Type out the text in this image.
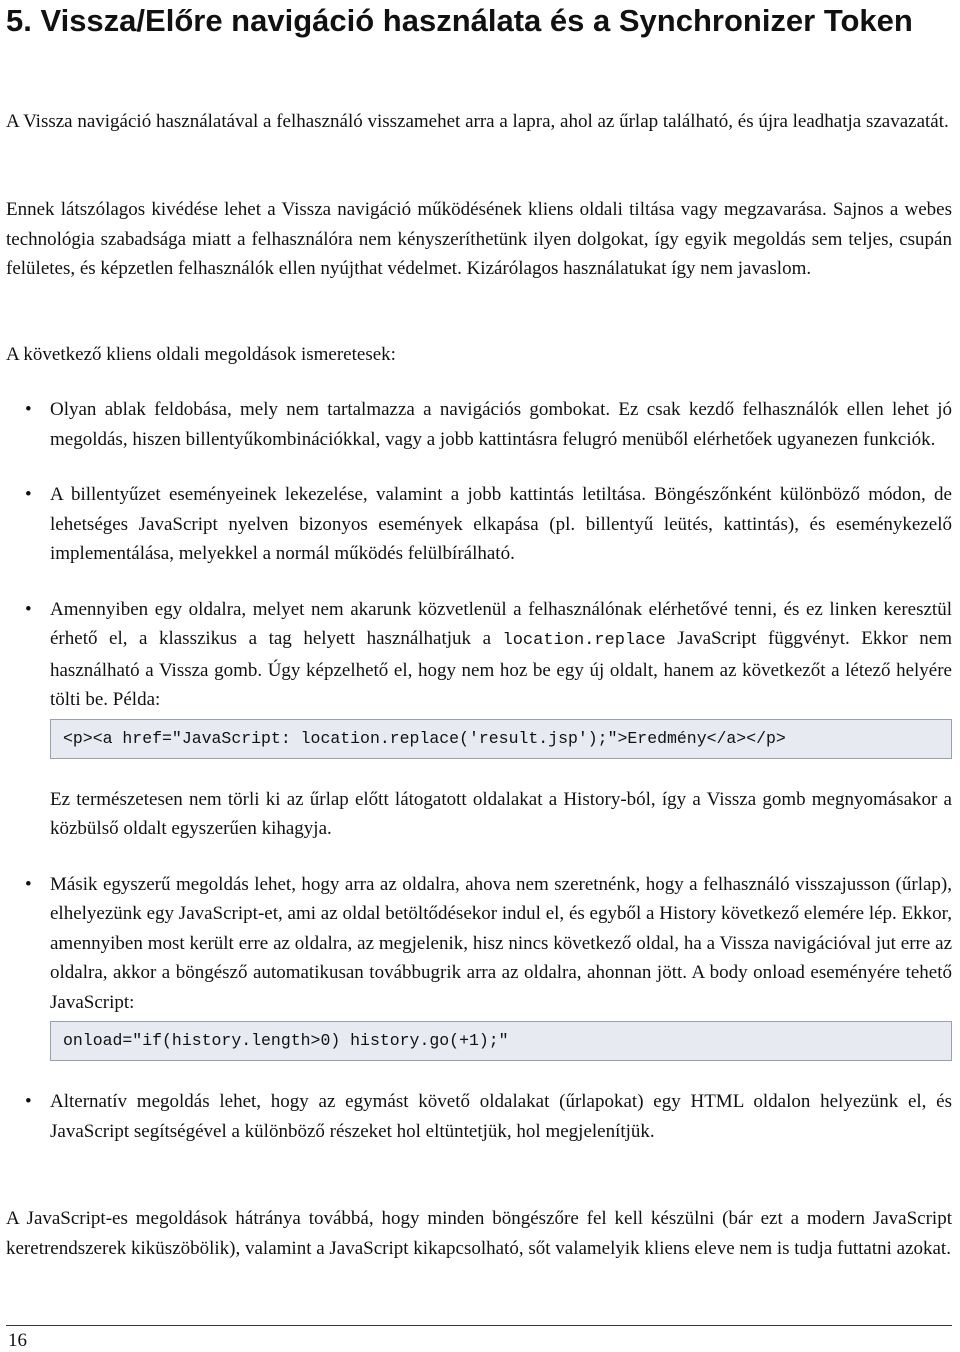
5. Vissza/Előre navigáció használata és a Synchronizer Token

A Vissza navigáció használatával a felhasználó visszamehet arra a lapra, ahol az űrlap található, és újra leadhatja szavazatát.

Ennek látszólagos kivédése lehet a Vissza navigáció működésének kliens oldali tiltása vagy megzavarása. Sajnos a webes technológia szabadsága miatt a felhasználóra nem kényszeríthetünk ilyen dolgokat, így egyik megoldás sem teljes, csupán felületes, és képzetlen felhasználók ellen nyújthat védelmet. Kizárólagos használatukat így nem javaslom.

A következő kliens oldali megoldások ismeretesek:

• Olyan ablak feldobása, mely nem tartalmazza a navigációs gombokat. Ez csak kezdő felhasználók ellen lehet jó megoldás, hiszen billentyűkombinációkkal, vagy a jobb kattintásra felugró menüből elérhetőek ugyanezen funkciók.
• A billentyűzet eseményeinek lekezelése, valamint a jobb kattintás letiltása. Böngészőnként különböző módon, de lehetséges JavaScript nyelven bizonyos események elkapása (pl. billentyű leütés, kattintás), és eseménykezelő implementálása, melyekkel a normál működés felülbírálható.
• Amennyiben egy oldalra, melyet nem akarunk közvetlenül a felhasználónak elérhetővé tenni, és ez linken keresztül érhető el, a klasszikus a tag helyett használhatjuk a location.replace JavaScript függvényt. Ekkor nem használható a Vissza gomb. Úgy képzelhető el, hogy nem hoz be egy új oldalt, hanem az következőt a létező helyére tölti be. Példa:
<p><a href="JavaScript: location.replace('result.jsp');">Eredmény</a></p>
Ez természetesen nem törli ki az űrlap előtt látogatott oldalakat a History-ból, így a Vissza gomb megnyomásakor a közbülső oldalt egyszerűen kihagyja.
• Másik egyszerű megoldás lehet, hogy arra az oldalra, ahova nem szeretnénk, hogy a felhasználó visszajusson (űrlap), elhelyezünk egy JavaScript-et, ami az oldal betöltődésekor indul el, és egyből a History következő elemére lép. Ekkor, amennyiben most került erre az oldalra, az megjelenik, hisz nincs következő oldal, ha a Vissza navigációval jut erre az oldalra, akkor a böngésző automatikusan továbbugrik arra az oldalra, ahonnan jött. A body onload eseményére tehető JavaScript:
onload="if(history.length>0) history.go(+1);"
• Alternatív megoldás lehet, hogy az egymást követő oldalakat (űrlapokat) egy HTML oldalon helyezünk el, és JavaScript segítségével a különböző részeket hol eltüntetjük, hol megjelenítjük.

A JavaScript-es megoldások hátránya továbbá, hogy minden böngészőre fel kell készülni (bár ezt a modern JavaScript keretrendszerek kiküszöbölik), valamint a JavaScript kikapcsolható, sőt valamelyik kliens eleve nem is tudja futtatni azokat.

16
